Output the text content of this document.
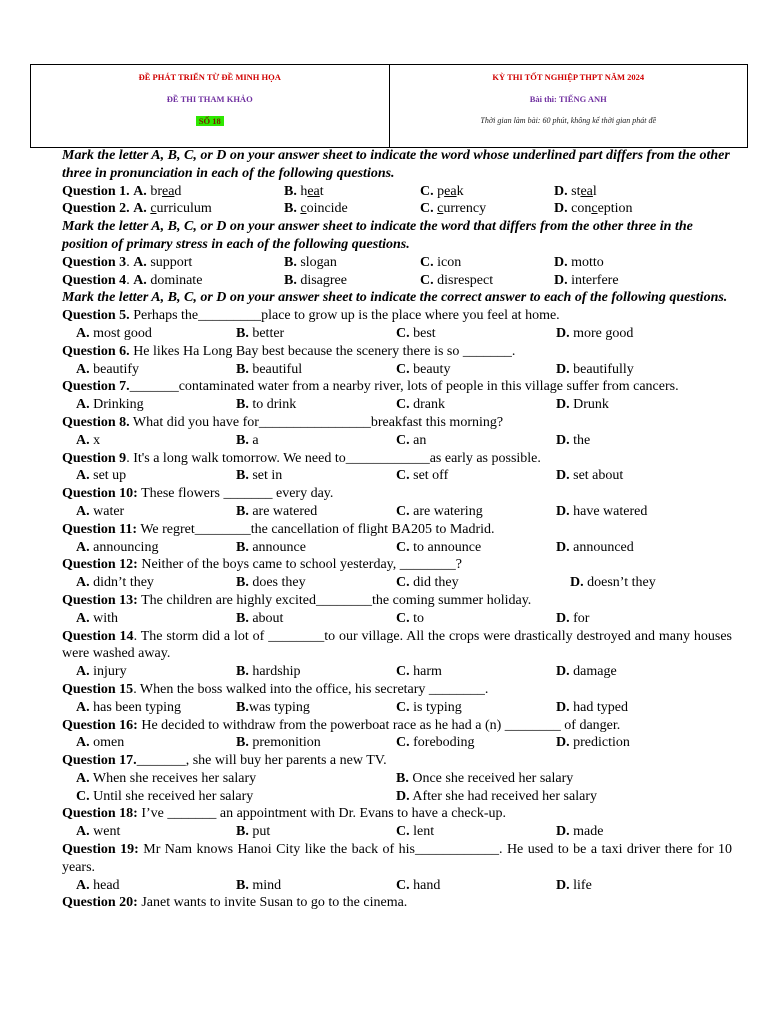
ĐỀ PHÁT TRIỂN TỪ ĐỀ MINH HỌA
ĐỀ THI THAM KHẢO
SỐ 18
KỲ THI TỐT NGHIỆP THPT NĂM 2024
Bài thi: TIẾNG ANH
Thời gian làm bài: 60 phút, không kể thời gian phát đề
Mark the letter A, B, C, or D on your answer sheet to indicate the word whose underlined part differs from the other three in pronunciation in each of the following questions.
Question 1. A. bread	B. heat	C. peak	D. steal
Question 2. A. curriculum	B. coincide	C. currency	D. conception
Mark the letter A, B, C, or D on your answer sheet to indicate the word that differs from the other three in the position of primary stress in each of the following questions.
Question 3. A. support	B. slogan	C. icon	D. motto
Question 4. A. dominate	B. disagree	C. disrespect	D. interfere
Mark the letter A, B, C, or D on your answer sheet to indicate the correct answer to each of the following questions.
Question 5. Perhaps the_________place to grow up is the place where you feel at home.
A. most good	B. better	C. best	D. more good
Question 6. He likes Ha Long Bay best because the scenery there is so _______.
A. beautify	B. beautiful	C. beauty	D. beautifully
Question 7._______contaminated water from a nearby river, lots of people in this village suffer from cancers.
A. Drinking	B. to drink	C. drank	D. Drunk
Question 8. What did you have for________________breakfast this morning?
A. x	B. a	C. an	D. the
Question 9. It's a long walk tomorrow. We need to____________as early as possible.
A. set up	B. set in	C. set off	D. set about
Question 10: These flowers _______ every day.
A. water	B. are watered	C. are watering	D. have watered
Question 11: We regret________the cancellation of flight BA205 to Madrid.
A. announcing	B. announce	C. to announce	D. announced
Question 12: Neither of the boys came to school yesterday, ________?
A. didn’t they	B. does they	C. did they	D. doesn’t they
Question 13: The children are highly excited________the coming summer holiday.
A. with	B. about	C. to	D. for
Question 14. The storm did a lot of ________to our village. All the crops were drastically destroyed and many houses were washed away.
A. injury	B. hardship	C. harm	D. damage
Question 15. When the boss walked into the office, his secretary ________.
A. has been typing	B.was typing	C. is typing	D. had typed
Question 16: He decided to withdraw from the powerboat race as he had a (n) ________ of danger.
A. omen	B. premonition	C. foreboding	D. prediction
Question 17._______, she will buy her parents a new TV.
A. When she receives her salary	B. Once she received her salary
C. Until she received her salary	D. After she had received her salary
Question 18: I’ve _______ an appointment with Dr. Evans to have a check-up.
A. went	B. put	C. lent	D. made
Question 19: Mr Nam knows Hanoi City like the back of his____________. He used to be a taxi driver there for 10 years.
A. head	B. mind	C. hand	D. life
Question 20: Janet wants to invite Susan to go to the cinema.
